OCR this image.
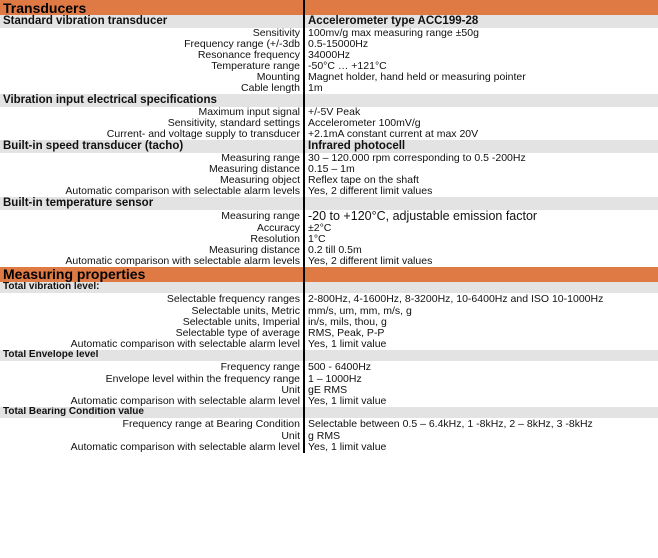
Transducers	
Standard vibration transducer	Accelerometer type ACC199-28
Sensitivity	100mv/g max measuring range ±50g
Frequency range (+/-3db	0.5-15000Hz
Resonance frequency	34000Hz
Temperature range	-50°C … +121°C
Mounting	Magnet holder, hand held or measuring pointer
Cable length	1m
Vibration input electrical specifications	
Maximum input signal	+/-5V Peak
Sensitivity, standard settings	Accelerometer 100mV/g
Current- and voltage supply to transducer	+2.1mA constant current at max 20V
Built-in speed transducer (tacho)	Infrared photocell
Measuring range	30 – 120.000 rpm corresponding to 0.5 -200Hz
Measuring distance	0.15 – 1m
Measuring object	Reflex tape on the shaft
Automatic comparison with selectable alarm levels	Yes, 2 different limit values
Built-in temperature sensor	
Measuring range	-20 to +120°C, adjustable emission factor
Accuracy	±2°C
Resolution	1°C
Measuring distance	0.2 till 0.5m
Automatic comparison with selectable alarm levels	Yes, 2 different limit values
Measuring properties	
Total vibration level:	
Selectable frequency ranges	2-800Hz, 4-1600Hz, 8-3200Hz, 10-6400Hz and ISO 10-1000Hz
Selectable units, Metric	mm/s, um, mm, m/s, g
Selectable units, Imperial	in/s, mils, thou, g
Selectable type of average	RMS, Peak, P-P
Automatic comparison with selectable alarm level	Yes, 1 limit value
Total Envelope level	
Frequency range	500 - 6400Hz
Envelope level within the frequency range	1 – 1000Hz
Unit	gE RMS
Automatic comparison with selectable alarm level	Yes, 1 limit value
Total Bearing Condition value	
Frequency range at Bearing Condition	Selectable between 0.5 – 6.4kHz, 1 -8kHz, 2 – 8kHz, 3 -8kHz
Unit	g RMS
Automatic comparison with selectable alarm level	Yes, 1 limit value
